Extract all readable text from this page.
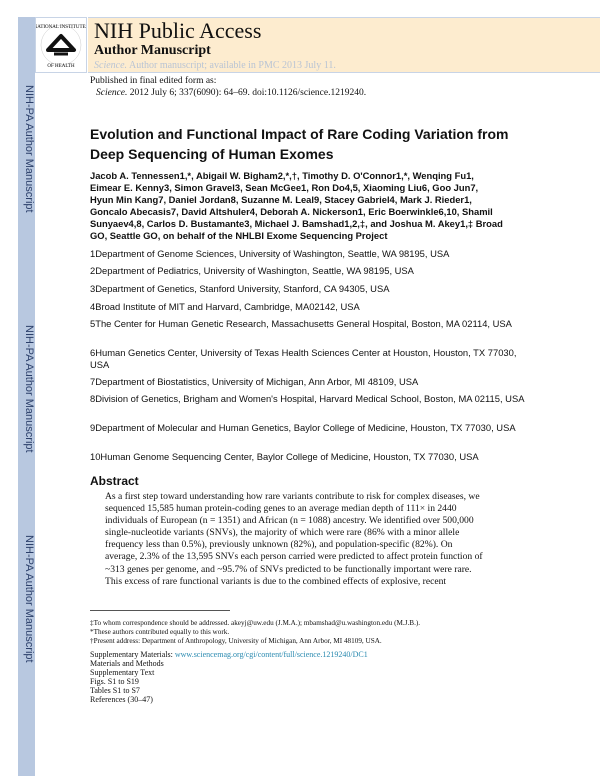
NIH-PA Author Manuscript
NIH-PA Author Manuscript
NIH-PA Author Manuscript
NATIONAL INSTITUTES
OF HEALTH
NIH Public Access
Author Manuscript
Science. Author manuscript; available in PMC 2013 July 11.
Published in final edited form as:
Science. 2012 July 6; 337(6090): 64–69. doi:10.1126/science.1219240.
Evolution and Functional Impact of Rare Coding Variation from Deep Sequencing of Human Exomes
Jacob A. Tennessen1,*, Abigail W. Bigham2,*,†, Timothy D. O'Connor1,*, Wenqing Fu1,
Eimear E. Kenny3, Simon Gravel3, Sean McGee1, Ron Do4,5, Xiaoming Liu6, Goo Jun7,
Hyun Min Kang7, Daniel Jordan8, Suzanne M. Leal9, Stacey Gabriel4, Mark J. Rieder1,
Goncalo Abecasis7, David Altshuler4, Deborah A. Nickerson1, Eric Boerwinkle6,10, Shamil
Sunyaev4,8, Carlos D. Bustamante3, Michael J. Bamshad1,2,‡, and Joshua M. Akey1,‡ Broad
GO, Seattle GO, on behalf of the NHLBI Exome Sequencing Project
1Department of Genome Sciences, University of Washington, Seattle, WA 98195, USA
2Department of Pediatrics, University of Washington, Seattle, WA 98195, USA
3Department of Genetics, Stanford University, Stanford, CA 94305, USA
4Broad Institute of MIT and Harvard, Cambridge, MA02142, USA
5The Center for Human Genetic Research, Massachusetts General Hospital, Boston, MA 02114, USA
6Human Genetics Center, University of Texas Health Sciences Center at Houston, Houston, TX 77030, USA
7Department of Biostatistics, University of Michigan, Ann Arbor, MI 48109, USA
8Division of Genetics, Brigham and Women's Hospital, Harvard Medical School, Boston, MA 02115, USA
9Department of Molecular and Human Genetics, Baylor College of Medicine, Houston, TX 77030, USA
10Human Genome Sequencing Center, Baylor College of Medicine, Houston, TX 77030, USA
Abstract
As a first step toward understanding how rare variants contribute to risk for complex diseases, we
sequenced 15,585 human protein-coding genes to an average median depth of 111× in 2440
individuals of European (n = 1351) and African (n = 1088) ancestry. We identified over 500,000
single-nucleotide variants (SNVs), the majority of which were rare (86% with a minor allele
frequency less than 0.5%), previously unknown (82%), and population-specific (82%). On
average, 2.3% of the 13,595 SNVs each person carried were predicted to affect protein function of
~313 genes per genome, and ~95.7% of SNVs predicted to be functionally important were rare.
This excess of rare functional variants is due to the combined effects of explosive, recent
‡To whom correspondence should be addressed. akeyj@uw.edu (J.M.A.); mbamshad@u.washington.edu (M.J.B.).
*These authors contributed equally to this work.
†Present address: Department of Anthropology, University of Michigan, Ann Arbor, MI 48109, USA.
Supplementary Materials: www.sciencemag.org/cgi/content/full/science.1219240/DC1
Materials and Methods
Supplementary Text
Figs. S1 to S19
Tables S1 to S7
References (30–47)
